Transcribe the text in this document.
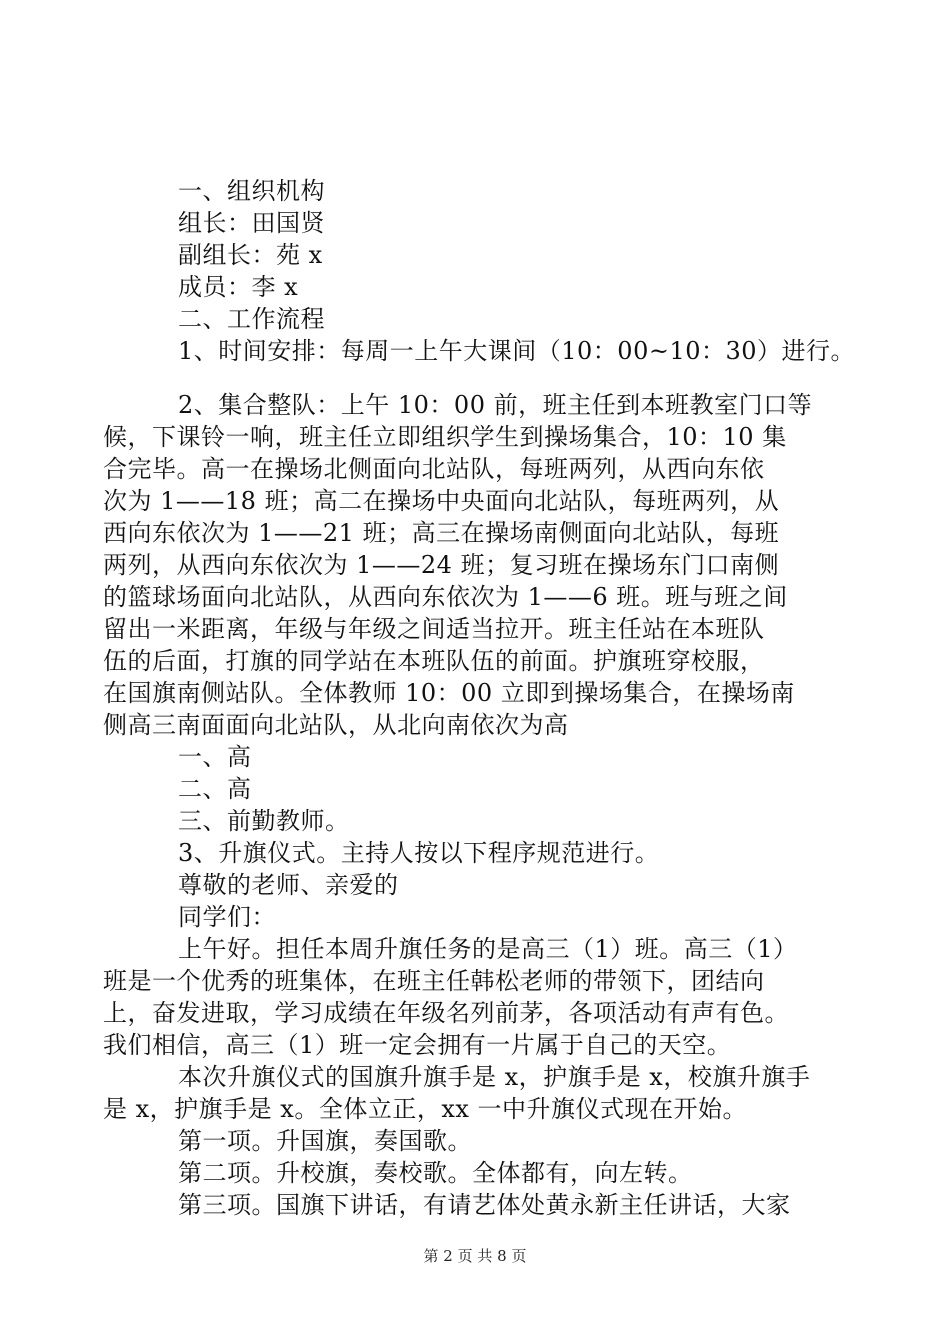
一、组织机构
组长：田国贤
副组长：苑 x
成员：李 x
二、工作流程
1、时间安排：每周一上午大课间（10：00~10：30）进行。
2、集合整队：上午 10：00 前，班主任到本班教室门口等
候，下课铃一响，班主任立即组织学生到操场集合，10：10 集
合完毕。高一在操场北侧面向北站队，每班两列，从西向东依
次为 1——18 班；高二在操场中央面向北站队，每班两列，从
西向东依次为 1——21 班；高三在操场南侧面向北站队，每班
两列，从西向东依次为 1——24 班；复习班在操场东门口南侧
的篮球场面向北站队，从西向东依次为 1——6 班。班与班之间
留出一米距离，年级与年级之间适当拉开。班主任站在本班队
伍的后面，打旗的同学站在本班队伍的前面。护旗班穿校服，
在国旗南侧站队。全体教师 10：00 立即到操场集合，在操场南
侧高三南面面向北站队，从北向南依次为高
一、高
二、高
三、前勤教师。
3、升旗仪式。主持人按以下程序规范进行。
尊敬的老师、亲爱的
同学们：
上午好。担任本周升旗任务的是高三（1）班。高三（1）
班是一个优秀的班集体，在班主任韩松老师的带领下，团结向
上，奋发进取，学习成绩在年级名列前茅，各项活动有声有色。
我们相信，高三（1）班一定会拥有一片属于自己的天空。
本次升旗仪式的国旗升旗手是 x，护旗手是 x，校旗升旗手
是 x，护旗手是 x。全体立正，xx 一中升旗仪式现在开始。
第一项。升国旗，奏国歌。
第二项。升校旗，奏校歌。全体都有，向左转。
第三项。国旗下讲话，有请艺体处黄永新主任讲话，大家
第 2 页 共 8 页
